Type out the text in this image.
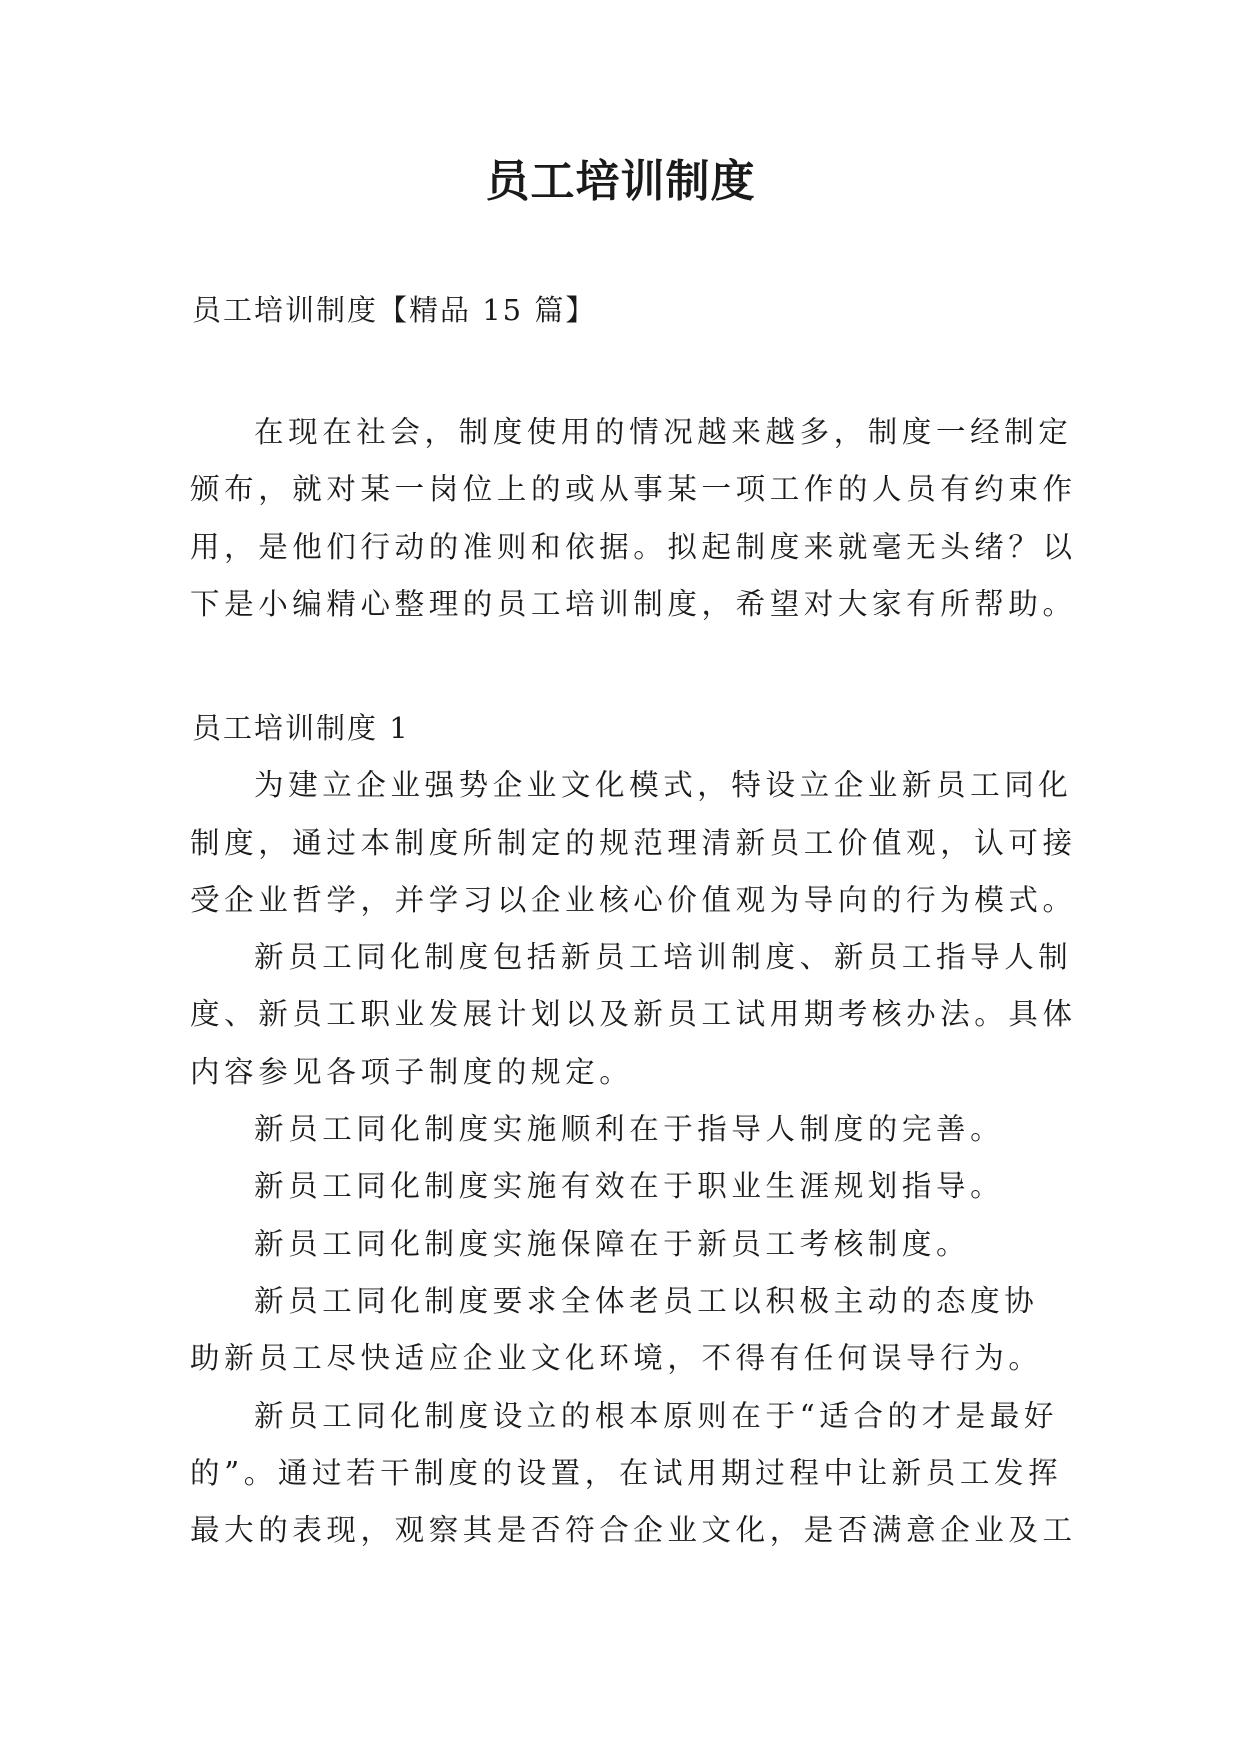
员工培训制度
员工培训制度【精品 15 篇】
在现在社会，制度使用的情况越来越多，制度一经制定
颁布，就对某一岗位上的或从事某一项工作的人员有约束作
用，是他们行动的准则和依据。拟起制度来就毫无头绪？以
下是小编精心整理的员工培训制度，希望对大家有所帮助。
员工培训制度 1
为建立企业强势企业文化模式，特设立企业新员工同化
制度，通过本制度所制定的规范理清新员工价值观，认可接
受企业哲学，并学习以企业核心价值观为导向的行为模式。
新员工同化制度包括新员工培训制度、新员工指导人制
度、新员工职业发展计划以及新员工试用期考核办法。具体
内容参见各项子制度的规定。
新员工同化制度实施顺利在于指导人制度的完善。
新员工同化制度实施有效在于职业生涯规划指导。
新员工同化制度实施保障在于新员工考核制度。
新员工同化制度要求全体老员工以积极主动的态度协
助新员工尽快适应企业文化环境，不得有任何误导行为。
新员工同化制度设立的根本原则在于“适合的才是最好
的”。通过若干制度的设置，在试用期过程中让新员工发挥
最大的表现，观察其是否符合企业文化，是否满意企业及工
